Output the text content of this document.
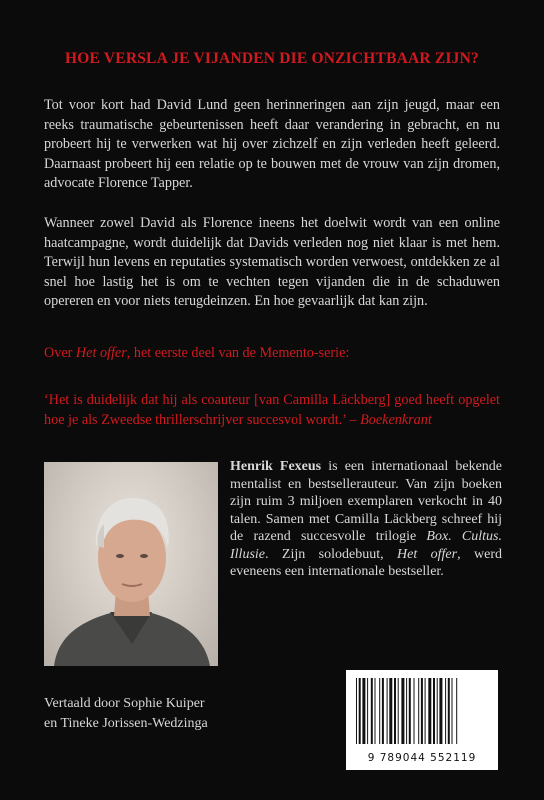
HOE VERSLA JE VIJANDEN DIE ONZICHTBAAR ZIJN?

Tot voor kort had David Lund geen herinneringen aan zijn jeugd, maar een reeks traumatische gebeurtenissen heeft daar verandering in gebracht, en nu probeert hij te verwerken wat hij over zichzelf en zijn verleden heeft geleerd. Daarnaast probeert hij een relatie op te bouwen met de vrouw van zijn dromen, advocate Florence Tapper.

Wanneer zowel David als Florence ineens het doelwit wordt van een online haatcampagne, wordt duidelijk dat Davids verleden nog niet klaar is met hem. Terwijl hun levens en reputaties systematisch worden verwoest, ontdekken ze al snel hoe lastig het is om te vechten tegen vijanden die in de schaduwen opereren en voor niets terugdeinzen. En hoe gevaarlijk dat kan zijn.

Over Het offer, het eerste deel van de Memento-serie:

‘Het is duidelijk dat hij als coauteur [van Camilla Läckberg] goed heeft opgelet hoe je als Zweedse thrillerschrijver succesvol wordt.’ – Boekenkrant

Henrik Fexeus is een internationaal bekende mentalist en bestsellerauteur. Van zijn boeken zijn ruim 3 miljoen exemplaren verkocht in 40 talen. Samen met Camilla Läckberg schreef hij de razend succesvolle trilogie Box. Cultus. Illusie. Zijn solodebuut, Het offer, werd eveneens een internationale bestseller.

Vertaald door Sophie Kuiper
en Tineke Jorissen-Wedzinga

9 789044 552119
